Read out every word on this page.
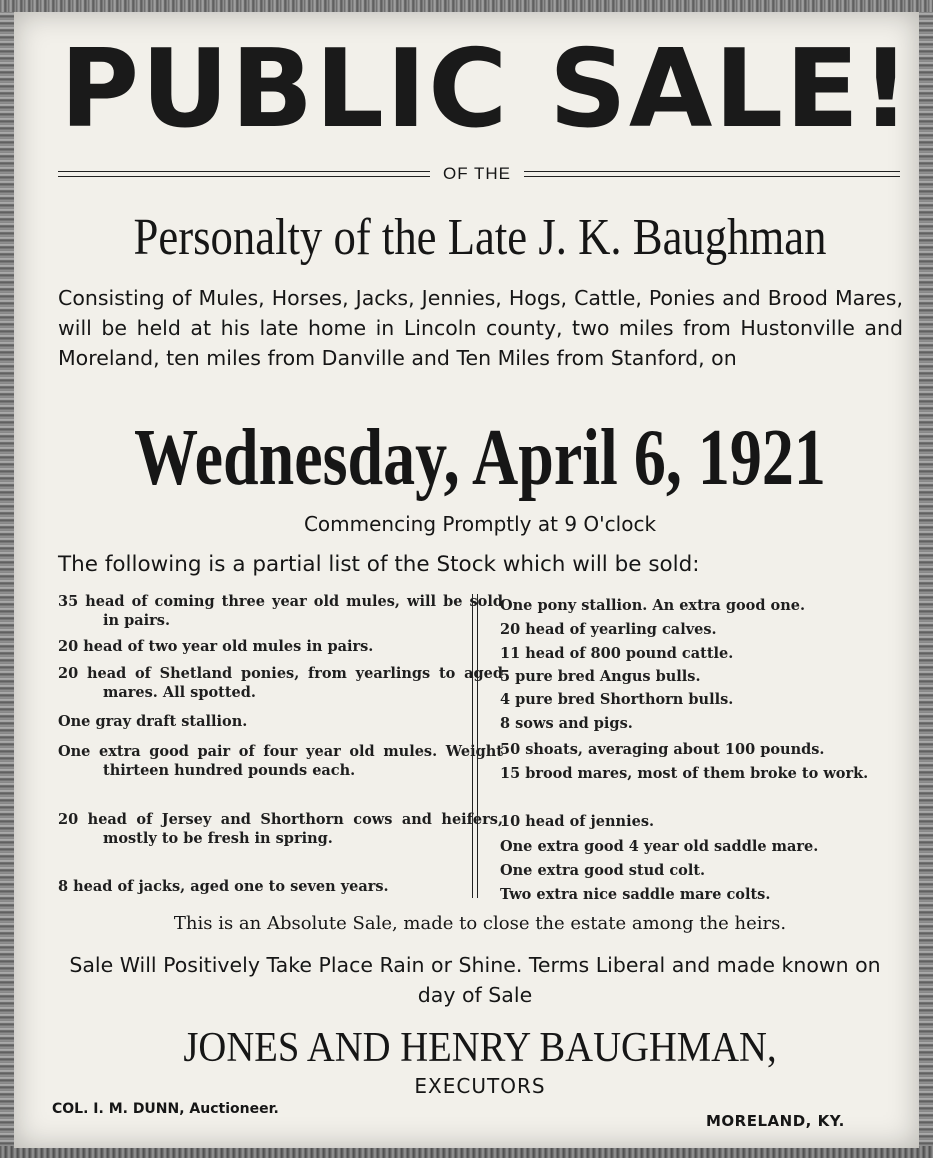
PUBLIC SALE!
OF THE
Personalty of the Late J. K. Baughman
Consisting of Mules, Horses, Jacks, Jennies, Hogs, Cattle, Ponies and Brood Mares, will be held at his late home in Lincoln county, two miles from Hustonville and Moreland, ten miles from Danville and Ten Miles from Stanford, on
Wednesday, April 6, 1921
Commencing Promptly at 9 O'clock
The following is a partial list of the Stock which will be sold:
35 head of coming three year old mules, will be sold in pairs.
20 head of two year old mules in pairs.
20 head of Shetland ponies, from yearlings to aged mares. All spotted.
One gray draft stallion.
One extra good pair of four year old mules. Weight thirteen hundred pounds each.
20 head of Jersey and Shorthorn cows and heifers, mostly to be fresh in spring.
8 head of jacks, aged one to seven years.
One pony stallion. An extra good one.
20 head of yearling calves.
11 head of 800 pound cattle.
5 pure bred Angus bulls.
4 pure bred Shorthorn bulls.
8 sows and pigs.
50 shoats, averaging about 100 pounds.
15 brood mares, most of them broke to work.
10 head of jennies.
One extra good 4 year old saddle mare.
One extra good stud colt.
Two extra nice saddle mare colts.
This is an Absolute Sale, made to close the estate among the heirs.
Sale Will Positively Take Place Rain or Shine. Terms Liberal and made known on day of Sale
JONES AND HENRY BAUGHMAN,
EXECUTORS
COL. I. M. DUNN, Auctioneer.
MORELAND, KY.
